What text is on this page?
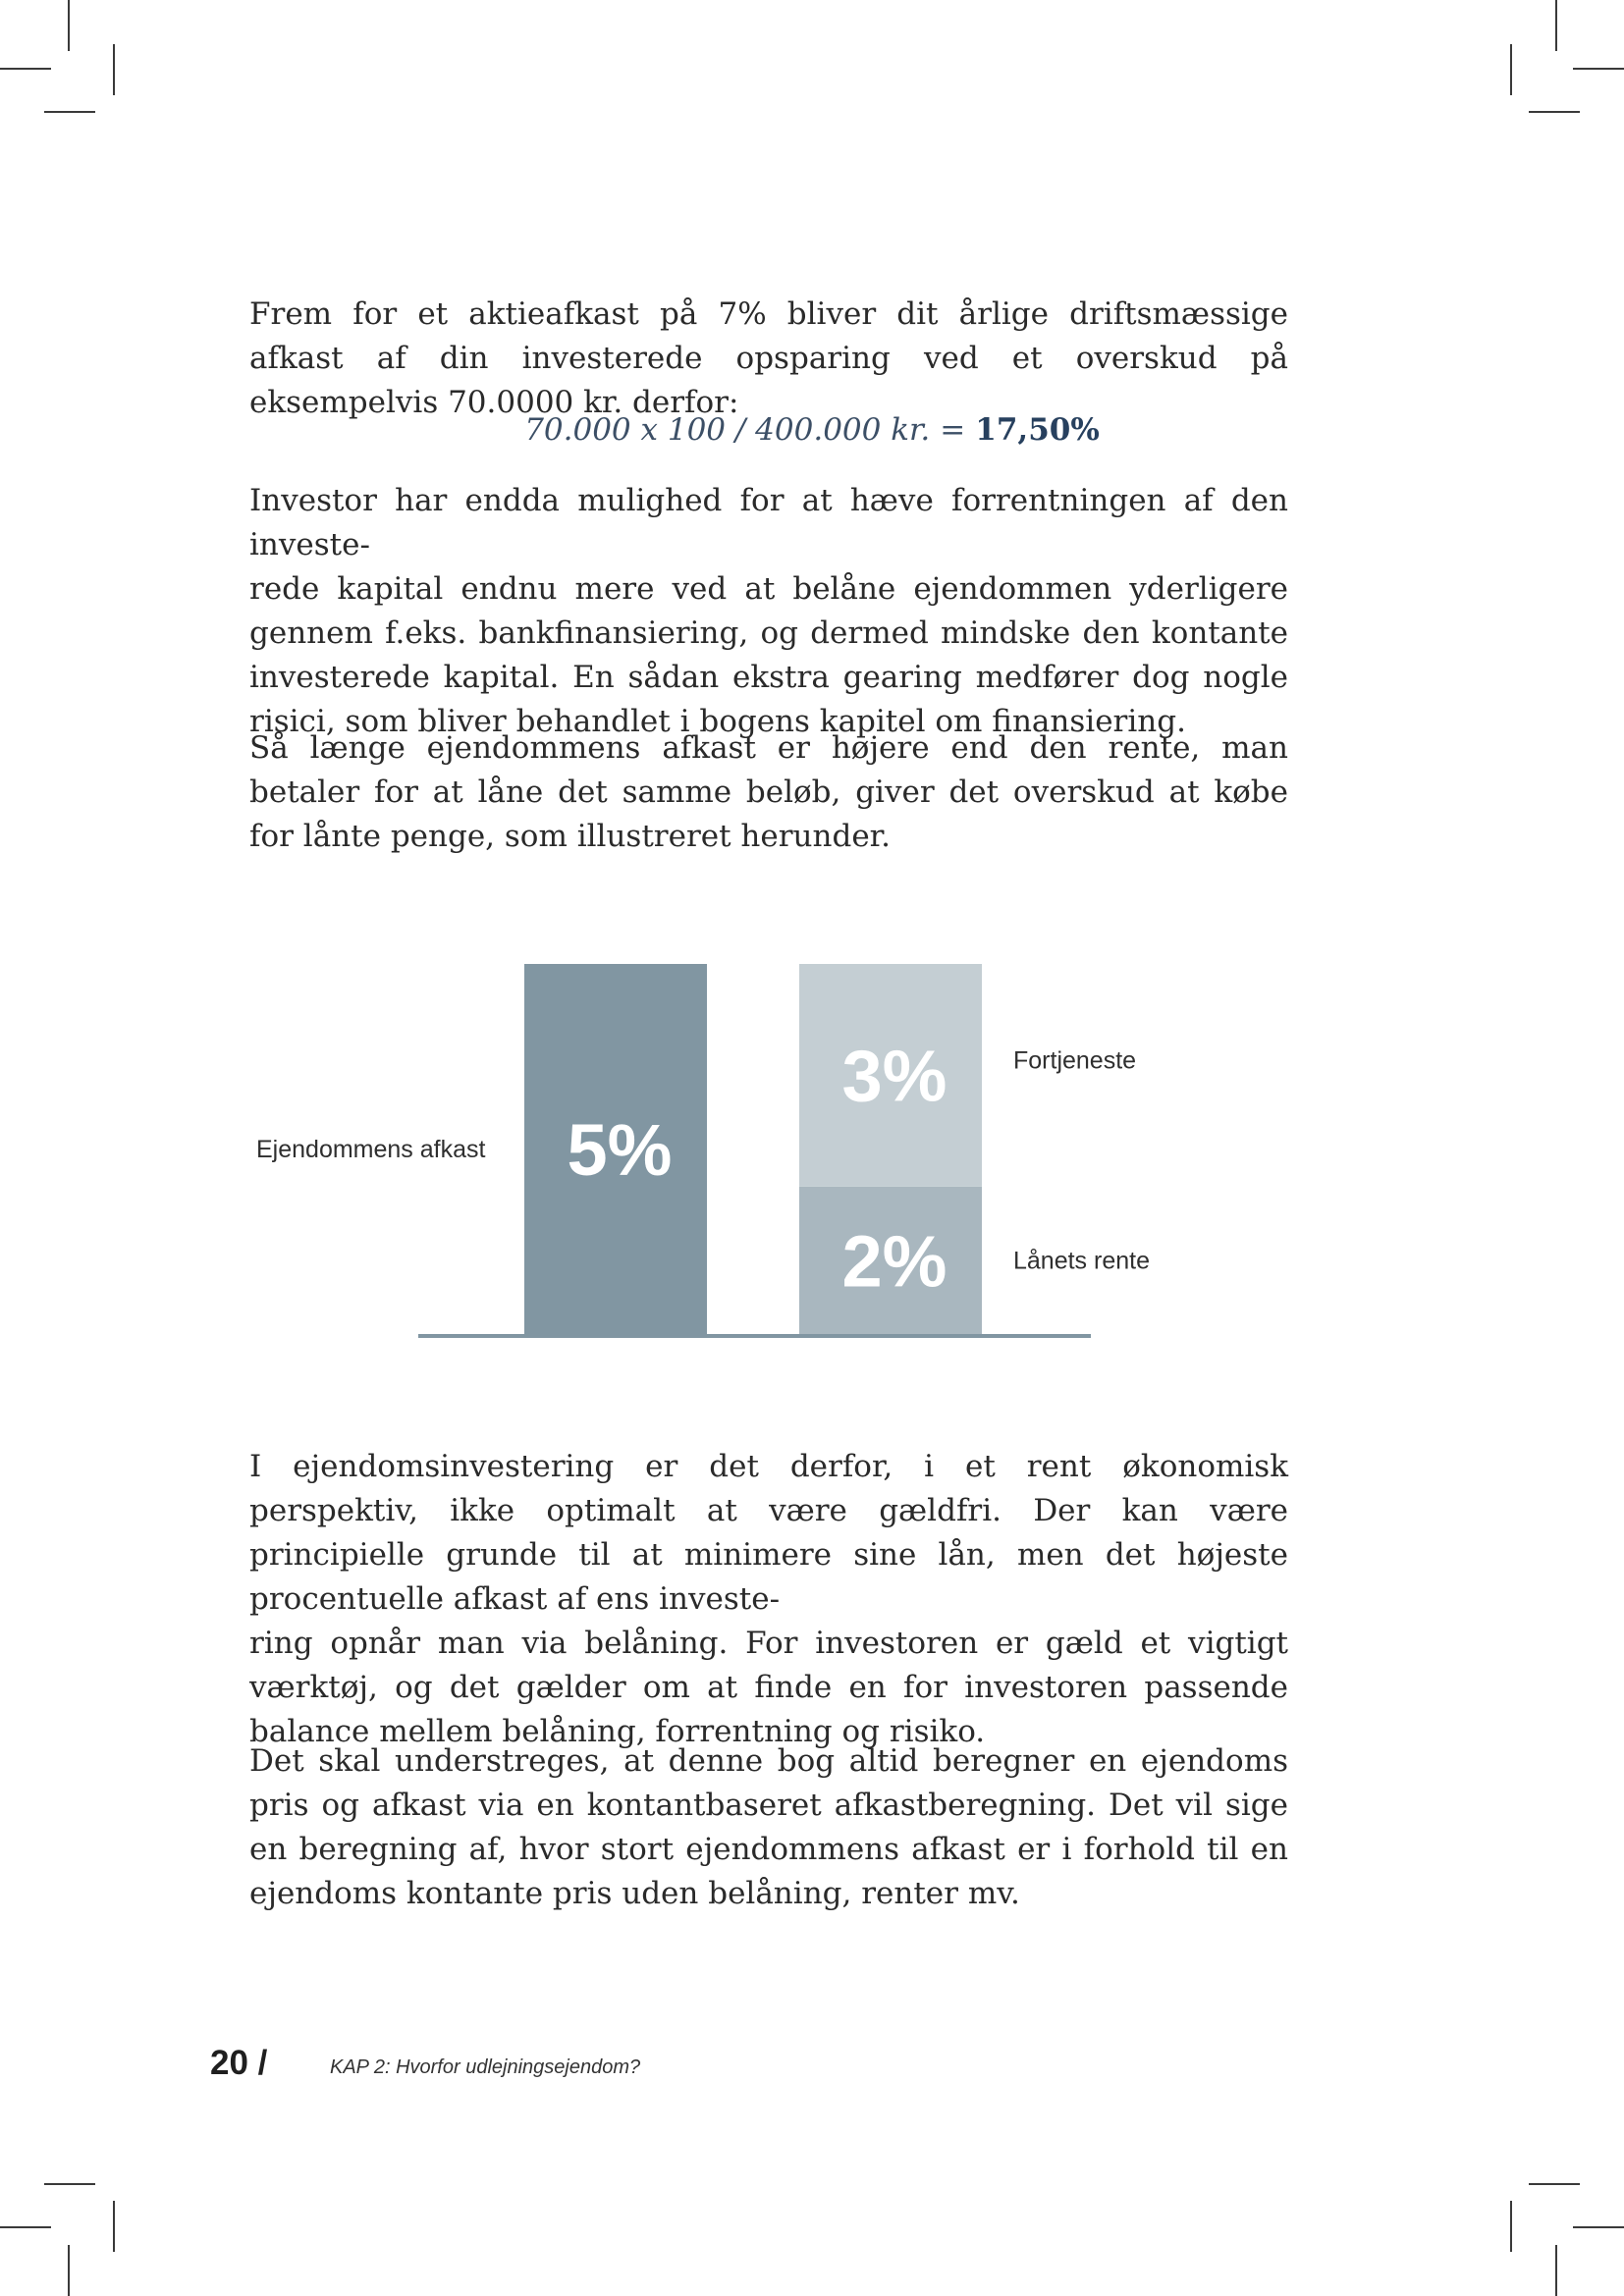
Frem for et aktieafkast på 7% bliver dit årlige driftsmæssige afkast af din investerede opsparing ved et overskud på eksempelvis 70.0000 kr. derfor:

70.000 x 100 / 400.000 kr. = 17,50%

Investor har endda mulighed for at hæve forrentningen af den investe-
rede kapital endnu mere ved at belåne ejendommen yderligere gennem f.eks. bankfinansiering, og dermed mindske den kontante investerede kapital. En sådan ekstra gearing medfører dog nogle risici, som bliver behandlet i bogens kapitel om finansiering.

Så længe ejendommens afkast er højere end den rente, man betaler for at låne det samme beløb, giver det overskud at købe for lånte penge, som illustreret herunder.

5%
2%
3%
Ejendommens afkast
Fortjeneste
Lånets rente

I ejendomsinvestering er det derfor, i et rent økonomisk perspektiv, ikke optimalt at være gældfri. Der kan være principielle grunde til at minimere sine lån, men det højeste procentuelle afkast af ens investe-
ring opnår man via belåning. For investoren er gæld et vigtigt værktøj, og det gælder om at finde en for investoren passende balance mellem belåning, forrentning og risiko.

Det skal understreges, at denne bog altid beregner en ejendoms pris og afkast via en kontantbaseret afkastberegning. Det vil sige en beregning af, hvor stort ejendommens afkast er i forhold til en ejendoms kontante pris uden belåning, renter mv.

20 /	KAP 2: Hvorfor udlejningsejendom?
